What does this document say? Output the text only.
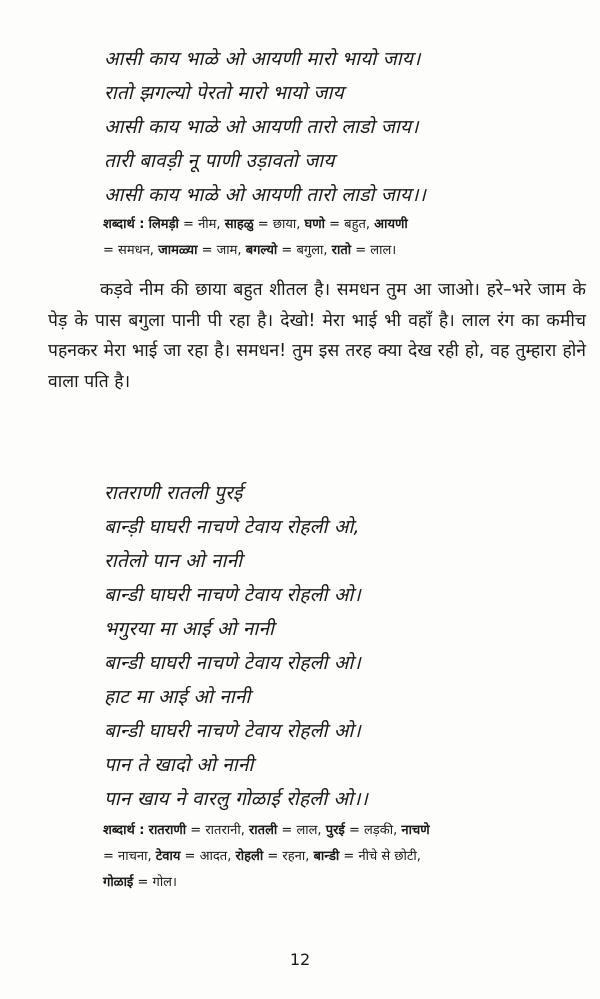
आसी काय भाळे ओ आयणी मारो भायो जाय।
रातो झगल्यो पेरतो मारो भायो जाय
आसी काय भाळे ओ आयणी तारो लाडो जाय।
तारी बावड़ी नू पाणी उड़ावतो जाय
आसी काय भाळे ओ आयणी तारो लाडो जाय।।
शब्दार्थ : लिमड़ी = नीम, साहळु = छाया, घणो = बहुत, आयणी
= समधन, जामळ्या = जाम, बगल्यो = बगुला, रातो = लाल।
कड़वे नीम की छाया बहुत शीतल है। समधन तुम आ जाओ। हरे–भरे जाम के पेड़ के पास बगुला पानी पी रहा है। देखो! मेरा भाई भी वहाँ है। लाल रंग का कमीच पहनकर मेरा भाई जा रहा है। समधन! तुम इस तरह क्या देख रही हो, वह तुम्हारा होने वाला पति है।
रातराणी रातली पुरई
बान्ड़ी घाघरी नाचणे टेवाय रोहली ओ,
रातेलो पान ओ नानी
बान्डी घाघरी नाचणे टेवाय रोहली ओ।
भगुरया मा आई ओ नानी
बान्डी घाघरी नाचणे टेवाय रोहली ओ।
हाट मा आई ओ नानी
बान्डी घाघरी नाचणे टेवाय रोहली ओ।
पान ते खादो ओ नानी
पान खाय ने वारलु गोळाई रोहली ओ।।
शब्दार्थ : रातराणी = रातरानी, रातली = लाल, पुरई = लड़की, नाचणे
= नाचना, टेवाय = आदत, रोहली = रहना, बान्डी = नीचे से छोटी,
गोळाई = गोल।
12
